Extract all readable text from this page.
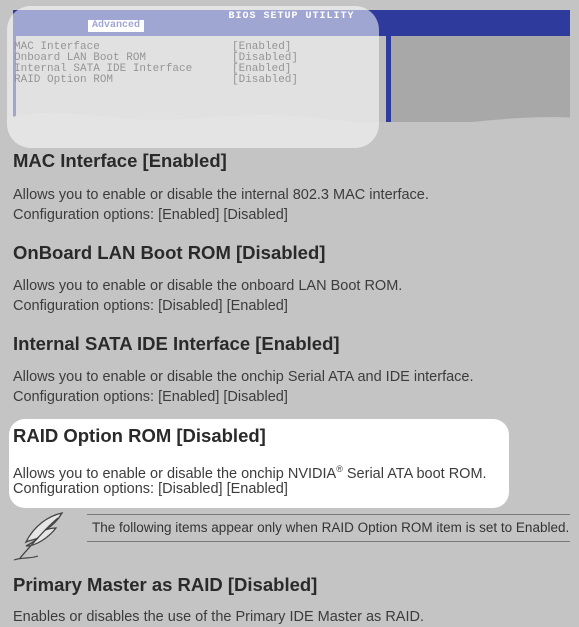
MAC Interface [Enabled]

Allows you to enable or disable the internal 802.3 MAC interface.

Configuration options: [Enabled] [Disabled]

OnBoard LAN Boot ROM [Disabled]

Allows you to enable or disable the onboard LAN Boot ROM.

Configuration options: [Disabled] [Enabled]

Internal SATA IDE Interface [Enabled]

Allows you to enable or disable the onchip Serial ATA and IDE interface.

Configuration options: [Enabled] [Disabled]

RAID Option ROM [Disabled]

Allows you to enable or disable the onchip NVIDIA® Serial ATA boot ROM.

Configuration options: [Disabled] [Enabled]

The following items appear only when RAID Option ROM item is set to Enabled.
Primary Master as RAID [Disabled]

Enables or disables the use of the Primary IDE Master as RAID.
